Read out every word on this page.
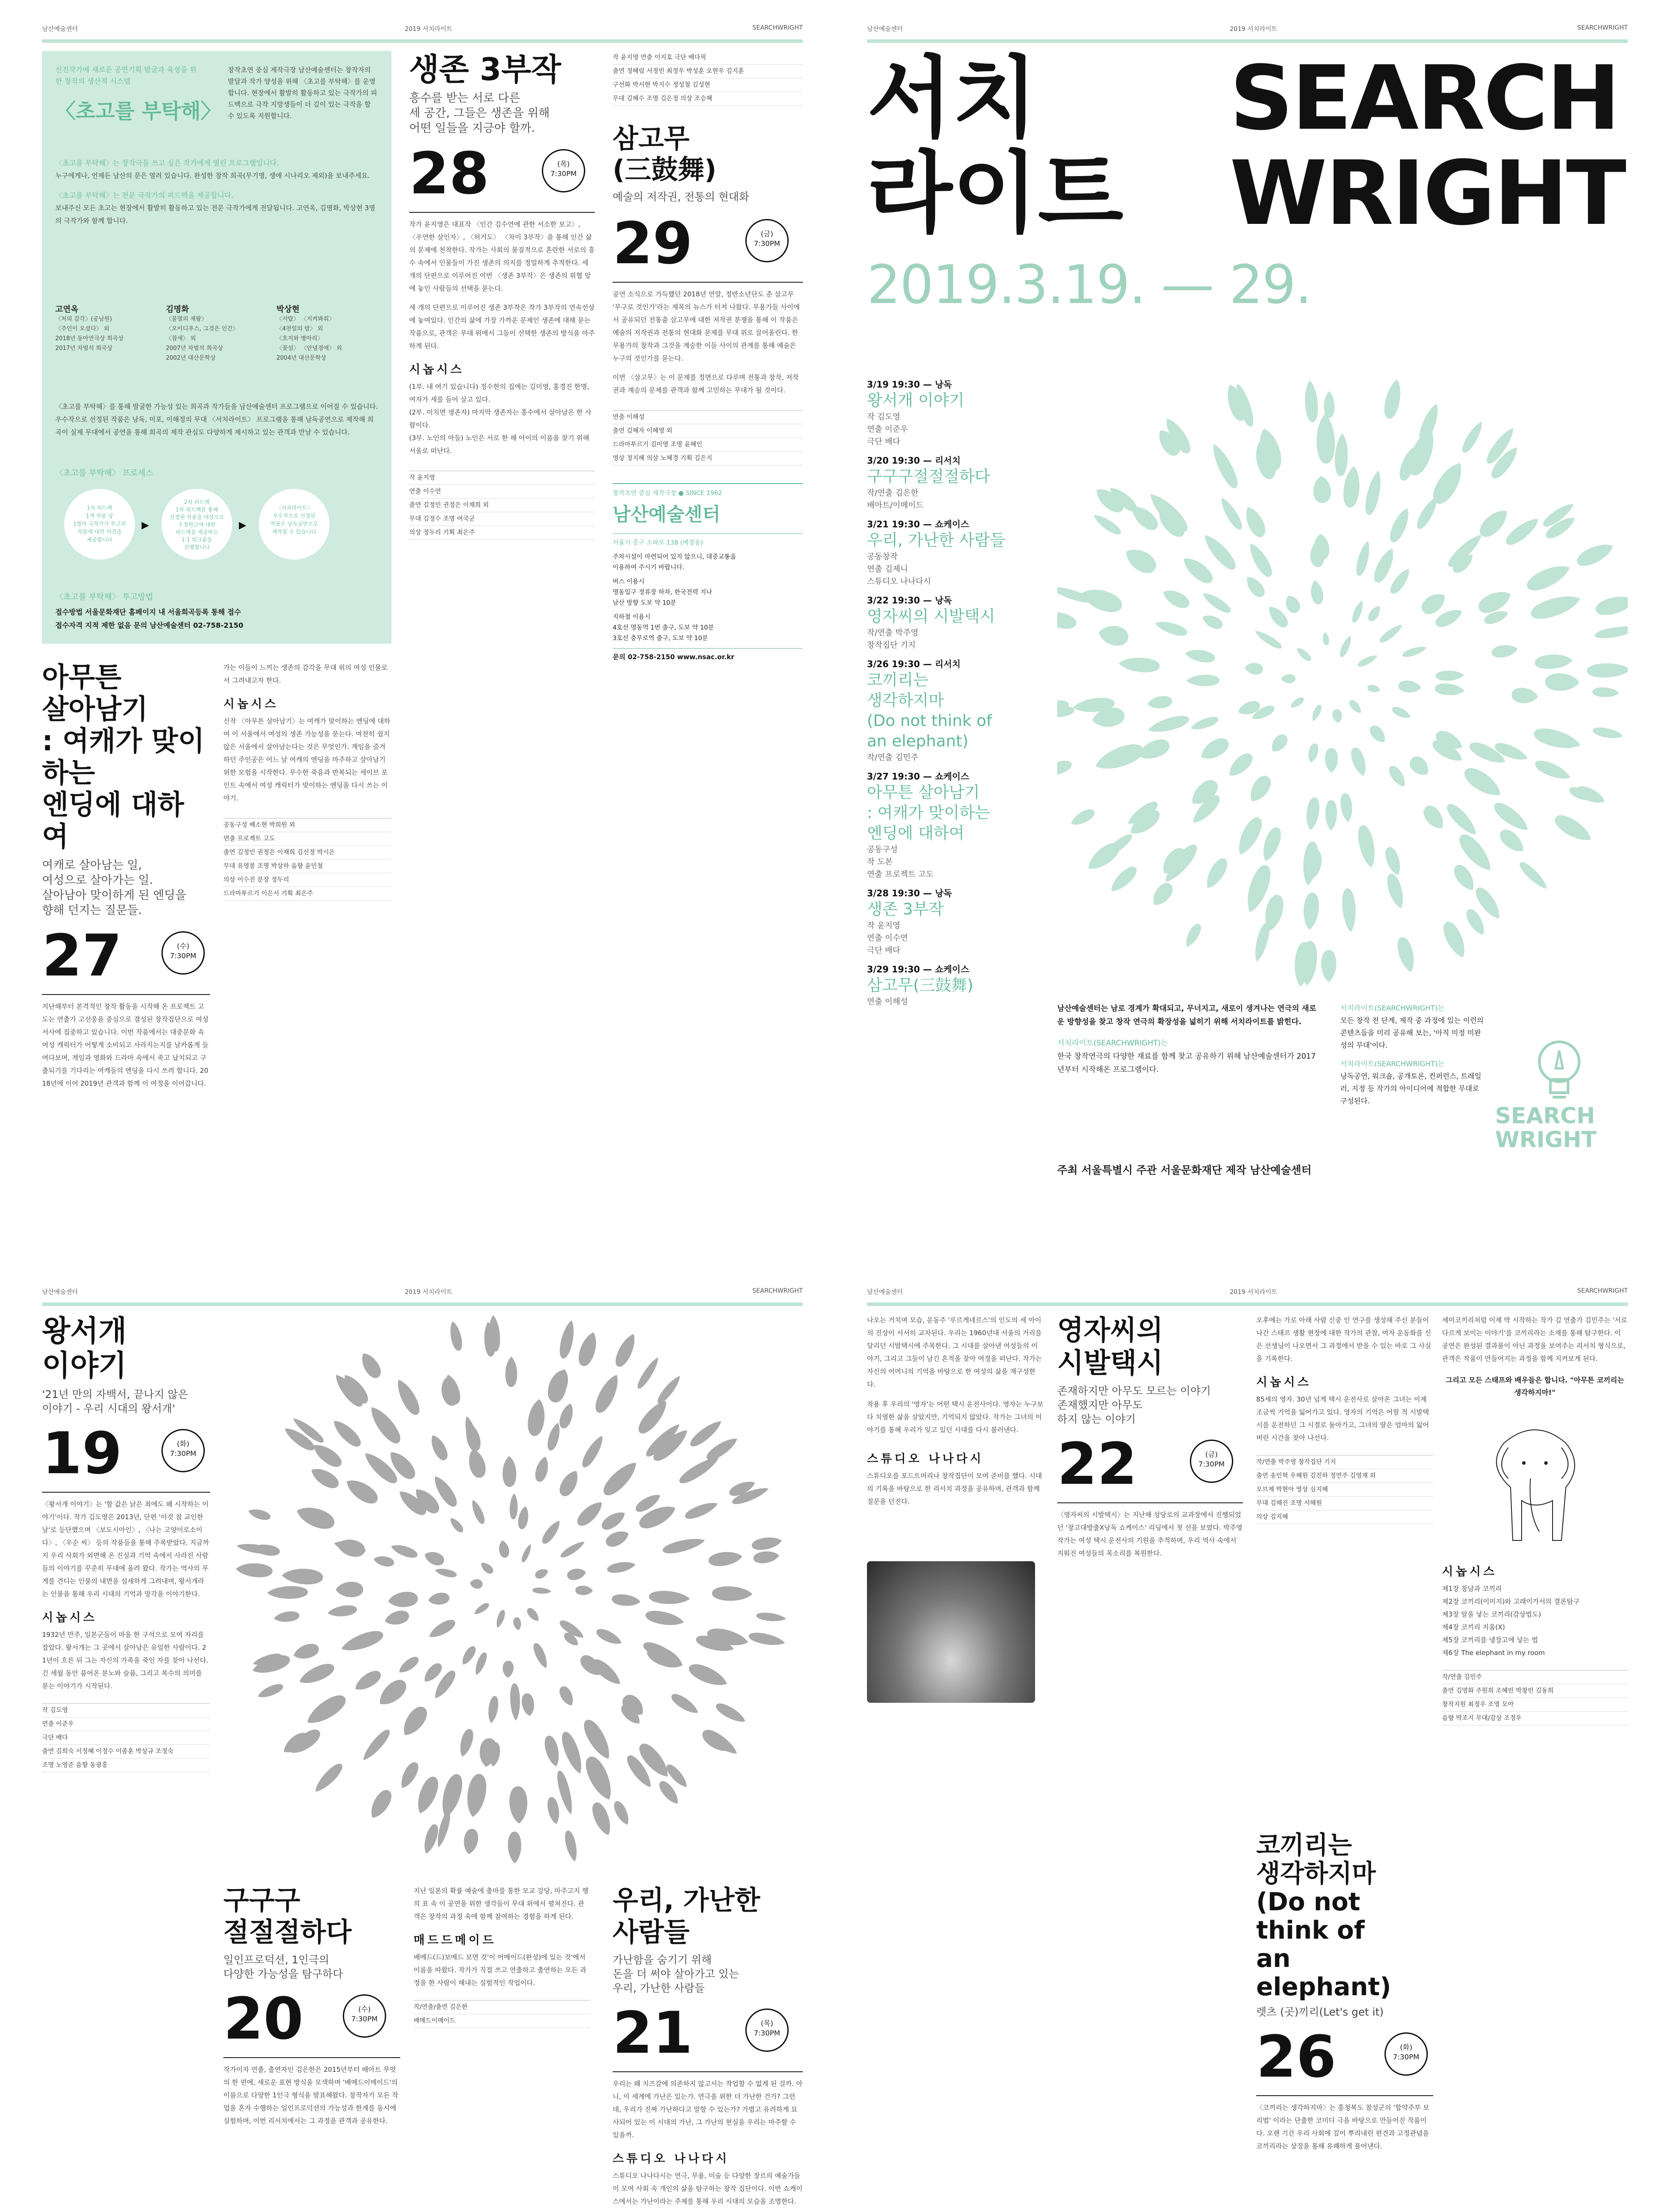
남산예술센터	2019 서치라이트	SEARCHWRIGHT
신진작가에 새로운 공연기획 발굴과 육성을 위한 창작의 생산적 시스템
〈초고를 부탁해〉
창작초연 중심 제작극장 남산예술센터는 창작자의 발달과 작가 양성을 위해 〈초고를 부탁해〉를 운영합니다. 현장에서 활발히 활동하고 있는 극작가의 피드백으로 극작 지망생들이 더 깊이 있는 극작을 할 수 있도록 지원합니다.
〈초고를 부탁해〉는 창작극을 쓰고 싶은 작가에게 열린 프로그램입니다.
누구에게나, 언제든 남산의 문은 열려 있습니다. 완성한 창작 희곡(무기명, 생애 시나리오 제외)을 보내주세요.
〈초고를 부탁해〉는 전문 극작가의 피드백을 제공합니다.
보내주신 모든 초고는 현장에서 활발히 활동하고 있는 전문 극작가에게 전달됩니다. 고연옥, 김명화, 박상현 3명의 극작가와 함께 합니다.
고연옥
〈처의 감각〉(공남원)
〈주인이 오셨다〉 외
2018년 동아연극상 희곡상
2017년 차범석 희곡상
김명화
〈불멸의 제왕〉
〈오이디푸스, 그것은 인간〉
〈참새〉 외
2007년 차범석 희곡상
2002년 대산문학상
박상현
〈서랍〉 〈지켜봐줘〉
〈4천일의 밤〉 외
〈호지와 병아리〉
〈꽃섬〉 〈안녕경애〉 외
2004년 대산문학상
〈초고를 부탁해〉를 통해 발굴한 가능성 있는 희곡과 작가들을 남산예술센터 프로그램으로 이어질 수 있습니다. 우수작으로 선정된 작품은 낭독, 미포, 이해정의 무대 〈서치라이트〉 프로그램을 통해 남독공연으로 제작해 희곡이 실제 무대에서 공연을 통해 희곡의 제작 관심도 다양하게 제시하고 있는 관객과 만날 수 있습니다.
〈초고를 부탁해〉 프로세스
1차 피드백
1개 작품 당
1명의 극작가가 투고된
작품에 대한 의견을
제공합니다
▶
2차 피드백
1차 피드백을 통해
선정된 작품을 대상으로
수정원고에 대한
피드백을 제공하는
1:1 워크숍을
진행합니다
▶
〈서치라이트〉
우수작으로 선정된
작품은 낭독공연으로
제작될 수 있습니다
〈초고를 부탁해〉 투고방법
접수방법 서울문화재단 홈페이지 내 서울희곡등록 통해 접수
접수자격 지적 제한 없음 문의 남산예술센터 02-758-2150
아무튼
살아남기
: 여캐가 맞이하는
엔딩에 대하여
여캐로 살아남는 일,
여성으로 살아가는 일.
살아남아 맞이하게 된 엔딩을
향해 던지는 질문들.
27	(수)
7:30PM
지난해부터 본격적인 창작 활동을 시작해 온 프로젝트 고도는 연출가 고선웅을 중심으로 결성된 창작집단으로 여성 서사에 집중하고 있습니다. 이번 작품에서는 대중문화 속 여성 캐릭터가 어떻게 소비되고 사라지는지를 날카롭게 들여다보며, 게임과 영화와 드라마 속에서 죽고 납치되고 구출되기를 기다리는 여캐들의 엔딩을 다시 쓰려 합니다. 2018년에 이어 2019년 관객과 함께 이 여정을 이어갑니다.
가는 이들이 느끼는 생존의 감각을 무대 위의 여성 인물로서 그려내고자 한다.
시놉시스
신작 〈아무튼 살아남기〉는 여캐가 맞이하는 엔딩에 대하여 이 서울에서 여성의 생존 가능성을 묻는다. 여전히 쉽지 않은 서울에서 살아남는다는 것은 무엇인가. 게임을 즐겨하던 주인공은 어느 날 여캐의 엔딩을 마주하고 살아남기 위한 모험을 시작한다. 무수한 죽음과 반복되는 세이브 포인트 속에서 여성 캐릭터가 맞이하는 엔딩을 다시 쓰는 이야기.
공동구성 배소현 박희원 외
연출 프로젝트 고도
출연 김정민 권정은 이채희 김선정 박시은
무대 유영봉 조명 박상하 음향 윤민철
의상 이수진 분장 정두리
드라마투르기 이은서 기획 최은주
생존 3부작
흥수를 받는 서로 다른
세 공간, 그들은 생존을 위해
어떤 일들을 지긍야 할까.
28	(목)
7:30PM
작가 윤지영은 대표작 〈인간 김수연에 관한 서소한 보고〉, 〈우연한 살인자〉, 〈허거도〉 〈차이 3부작〉을 통해 인간 삶의 문제에 천착한다. 작가는 사회의 물질적으로 혼란한 서로의 흥수 속에서 인물들이 가진 생존의 의지를 정밀하게 추적한다. 세 개의 단편으로 이루어진 이번 〈생존 3부작〉은 생존의 위협 앞에 놓인 사람들의 선택을 묻는다.
세 개의 단편으로 이루어진 생존 3부작은 작가 3부작의 연속선상에 놓여있다. 인간의 삶에 가장 가까운 문제인 생존에 대해 묻는 작품으로, 관객은 무대 위에서 그들이 선택한 생존의 방식을 마주하게 된다.
시놉시스
(1부. 내 여기 있습니다) 정수한의 집에는 김미영, 홍경진 한명, 여자가 세를 들어 살고 있다.
(2부. 미치면 생존자) 마지막 생존자는 흥수에서 살아남은 한 사람이다.
(3부. 노인의 아들) 노인은 서로 한 해 아이의 이름을 찾기 위해 서울로 떠난다.
작 윤지영
연출 이수연
출연 김정민 권정은 이채희 외
무대 김정수 조명 여국군
의상 정두리 기획 최은주
작 윤지영 연출 이지호 극단 배다픽
출연 정혜림 서정빈 최정우 박성훈 오현우 김지훈
구선화 박서현 박지수 정성철 김성현
무대 김혜수 조명 김은정 의상 조승혜
삼고무
(三鼓舞)
예술의 저작권, 전통의 현대화
29	(금)
7:30PM
공연 소식으로 가득했던 2018년 연말, 정반소년단도 춘 삼고무 '무구로 것인가'라는 제목의 뉴스가 터져 나왔다. 무용가들 사이에서 공유되던 전통춤 삼고무에 대한 저작권 분쟁을 통해 이 작품은 예술의 저작권과 전통의 현대화 문제를 무대 위로 끌어올린다. 한 무용가의 창작과 그것을 계승한 이들 사이의 관계를 통해 예술은 누구의 것인가를 묻는다.
이번 〈삼고무〉는 이 문제를 정면으로 다루며 전통과 창작, 저작권과 계승의 문제를 관객과 함께 고민하는 무대가 될 것이다.
연출 이해성
출연 김혜자 이혜영 외
드라마투르기 김미영 조명 윤혜인
영상 정지혜 의상 노혜경 기획 김은지
창작초연 중심 제작극장 ● SINCE 1962
남산예술센터
서울시 중구 소파로 138 (예장동)
주차시설이 마련되어 있지 않으니, 대중교통을
이용하여 주시기 바랍니다.
버스 이용시
명동입구 정류장 하차, 한국전력 지나
남산 방향 도보 약 10분
지하철 이용시
4호선 명동역 1번 출구, 도보 약 10분
3호선 충무로역 출구, 도보 약 10분
문의 02-758-2150 www.nsac.or.kr
남산예술센터	2019 서치라이트	SEARCHWRIGHT
서치
라이트
SEARCH
WRIGHT
2019.3.19. — 29.
3/19 19:30 — 낭독
왕서개 이야기
작 김도영
연출 이준우
극단 배다
3/20 19:30 — 리서치
구구구절절절하다
작/연출 김은한
배아트/이메이드
3/21 19:30 — 쇼케이스
우리, 가난한 사람들
공동창작
연출 김제니
스튜디오 나나다시
3/22 19:30 — 낭독
영자씨의 시발택시
작/연출 박주영
창작집단 기지
3/26 19:30 — 리서치
코끼리는
생각하지마
(Do not think of
an elephant)
작/연출 김민주
3/27 19:30 — 쇼케이스
아무튼 살아남기
: 여캐가 맞이하는
엔딩에 대하여
공동구성
작 도본
연출 프로젝트 고도
3/28 19:30 — 낭독
생존 3부작
작 윤지영
연출 이수연
극단 배다
3/29 19:30 — 쇼케이스
삼고무(三鼓舞)
연출 이해성
남산예술센터는 남로 경계가 확대되고, 무너지고, 새로이 생겨나는 연극의 새로운 방향성을 찾고 창작 연극의 확장성을 넓히기 위해 서치라이트를 밝힌다.
서치라이트(SEARCHWRIGHT)는
한국 창작연극의 다양한 재료를 함께 찾고 공유하기 위해 남산예술센터가 2017년부터 시작해온 프로그램이다.
서치라이트(SEARCHWRIGHT)는
모든 창작 전 단계, 제작 중 과정에 있는 이런의 콘텐츠들을 미리 공유해 보는, '아직 미정 미완성의 무대'이다.
서치라이트(SEARCHWRIGHT)는
낭독공연, 워크숍, 공개토론, 컨퍼런스, 트레일러, 지정 등 작가의 아이디어에 적합한 무대로 구성된다.
SEARCH
WRIGHT
주최 서울특별시 주관 서울문화재단 제작 남산예술센터
남산예술센터	2019 서치라이트	SEARCHWRIGHT
왕서개
이야기
'21년 만의 자백서, 끝나지 않은
이야기 - 우리 시대의 왕서개'
19	(화)
7:30PM
〈왕서개 이야기〉는 '할 값은 낡은 죄에도 왜 시작하는 이야기'이다. 작가 김도영은 2013년, 단편 '이것 참 교인한 날'로 등단했으며 〈보도시아인〉, 〈나는 고양이로소이다〉, 〈우순 씨〉 등의 작품들을 통해 주목받았다. 지금까지 우리 사회가 외면해 온 진실과 기억 속에서 사라진 사람들의 이야기를 꾸준히 무대에 올려 왔다. 작가는 역사의 무게를 견디는 인물의 내면을 섬세하게 그려내며, 왕서개라는 인물을 통해 우리 시대의 기억과 망각을 이야기한다.
시놉시스
1932년 만주, 일본군들이 마을 한 구석으로 모여 자리를 잡았다. 왕서개는 그 곳에서 살아남은 유일한 사람이다. 21년이 흐른 뒤 그는 자신의 가족을 죽인 자를 찾아 나선다. 긴 세월 동안 품어온 분노와 슬픔, 그리고 복수의 의미를 묻는 이야기가 시작된다.
작 김도영
연출 이준우
극단 배다
출연 김희숙 서정혜 이정수 이종훈 박상규 조정숙
조명 노영준 음향 동광홍
구구구
절절절하다
일인프로덕션, 1인극의
다양한 가능성을 탐구하다
20	(수)
7:30PM
작가이자 연출, 출연자인 김은한은 2015년부터 배아트 무엇의 한 편에, 새로운 표현 방식을 모색하며 '배메드이메이드'의 이름으로 다양한 1인극 형식을 발표해왔다. 창작자가 모든 작업을 혼자 수행하는 일인프로덕션의 가능성과 한계를 동시에 실험하며, 이번 리서치에서는 그 과정을 관객과 공유한다.
지난 일본의 확률 예술에 출마를 통한 모교 강당, 마주고지 행의 표 속 이 공연을 위한 생각들이 무대 위에서 펼쳐진다. 관객은 창작의 과정 속에 함께 참여하는 경험을 하게 된다.
매드드메이드
배메드(드)보메드 보면 것'이 어메이드(완성)에 있는 것'에서 이름을 따왔다. 작가가 직접 쓰고 연출하고 출연하는 모든 과정을 한 사람이 해내는 실험적인 작업이다.
작/연출/출연 김은한
배메드이메이드
우리, 가난한
사람들
가난함을 숨기기 위해
돈을 더 써야 살아가고 있는
우리, 가난한 사람들
21	(목)
7:30PM
우리는 왜 치즈갈에 의존하지 않고서는 작업할 수 없게 된 걸까. 아니, 이 세계에 가난은 있는가. 연극을 위한 더 가난한 건가? 그런데, 우리가 진짜 가난하다고 말할 수 있는가? 가볍고 유려하게 묘사되어 있는 이 시대의 가난, 그 가난의 현실을 우리는 마주할 수 있을까.
스튜디오 나나다시
스튜디오 나나다시는 연극, 무용, 미술 등 다양한 장르의 예술가들이 모여 사회 속 개인의 삶을 탐구하는 창작 집단이다. 이번 쇼케이스에서는 가난이라는 주제를 통해 우리 시대의 모습을 조명한다.
남산예술센터	2019 서치라이트	SEARCHWRIGHT
나오는 거치며 모습, 운동주 '루르게네르스'의 인도의 세 아이의 진상이 서서히 교차된다. 우리는 1960년대 서울의 거리를 달리던 시발택시에 주목한다. 그 시대를 살아낸 여성들의 이야기, 그리고 그들이 남긴 흔적을 찾아 여정을 떠난다. 작가는 자신의 어머니의 기억을 바탕으로 한 여성의 삶을 재구성한다.
착용 후 우리의 '영자'는 어떤 택시 운전사이다. 영자는 누구보다 치열한 삶을 살았지만, 기억되지 않았다. 작가는 그녀의 이야기를 통해 우리가 잊고 있던 시대를 다시 불러낸다.
스튜디오 나나다시
스튜디오를 포드트머리나 창작집단이 모여 준비를 했다. 시대의 기록을 바탕으로 한 리서치 과정을 공유하며, 관객과 함께 질문을 던진다.
영자씨의
시발택시
존재하지만 아무도 모르는 이야기
존재했지만 아무도
하지 않는 이야기
22	(금)
7:30PM
〈영자씨의 시발택시〉는 지난해 성당로의 교과장에서 진행되었던 '창고대방출X낭독 쇼케이스' 리딩에서 첫 선을 보였다. 박주영 작가는 여성 택시 운전사의 기원을 추적하며, 우리 역사 속에서 지워진 여성들의 목소리를 복원한다.
오후에는 가로 아래 사람 신중 인 연구를 생성해 주신 분들이 나간 스태프 생활 현장에 대한 작가의 관찰, 여자 운동화를 신은 선생님이 나오면서 그 과정에서 받을 수 있는 바로 그 사실을 기록한다.
시놉시스
85세의 영자. 30년 넘게 택시 운전사로 살아온 그녀는 이제 조금씩 기억을 잃어가고 있다. 영자의 기억은 어릴 적 시발택시를 운전하던 그 시절로 돌아가고, 그녀의 딸은 엄마의 잃어버린 시간을 찾아 나선다.
작/연출 박주영 창작집단 기지
출연 송인혁 우혜원 김진하 정연주 김영재 외
오브제 박현아 영상 심지혜
무대 김해진 조명 서해원
의상 김지혜
코끼리는
생각하지마
(Do not think of
an elephant)
렛츠 (곳)끼리(Let's get it)
26	(화)
7:30PM
〈코끼리는 생각하지마〉는 흥청복도 참성군의 '합약주부 보리법' 이라는 단출한 코미디 극을 바탕으로 만들어진 작품이다. 오랜 기간 우리 사회에 깊이 뿌리내린 편견과 고정관념을 코끼리라는 상징을 통해 유쾌하게 풀어낸다.
세미코끼리처럼 이제 막 시작하는 작가 김 연출가 김민주는 '서로 다르게 보이는 이야기'를 코끼리라는 소재를 통해 탐구한다. 이 공연은 완성된 결과물이 아닌 과정을 보여주는 리서치 형식으로, 관객은 작품이 만들어지는 과정을 함께 지켜보게 된다.
그리고 모든 스태프와 배우들은 합니다. "아무튼 코끼리는 생각하지마!"
시놉시스
제1장 창남과 코끼리
제2장 코끼리(이미지)와 고래이가서의 결론탐구
제3장 알을 낳는 코끼리(감상법도)
제4장 코끼리 지움(X)
제5장 코끼리를 냉장고에 넣는 법
제6장 The elephant in my room
작/연출 김민주
출연 김명화 주원희 조혜빈 박창빈 김동희
창작지원 최정우 조명 모아
음향 박조지 무대/감상 조정우
